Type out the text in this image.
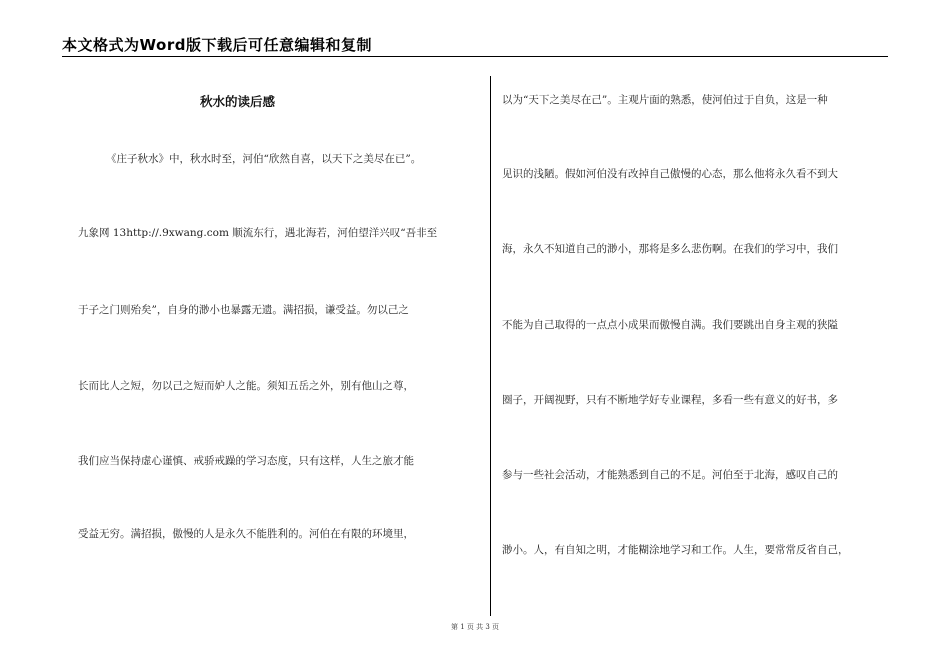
本文格式为Word版下载后可任意编辑和复制
秋水的读后感
《庄子秋水》中，秋水时至，河伯“欣然自喜，以天下之美尽在已”。
九象网 13http://.9xwang.com 顺流东行，遇北海若，河伯望洋兴叹“吾非至
于子之门则殆矣”，自身的渺小也暴露无遗。满招损，谦受益。勿以己之
长而比人之短，勿以己之短而妒人之能。须知五岳之外，别有他山之尊，
我们应当保持虚心谨慎、戒骄戒躁的学习态度，只有这样，人生之旅才能
受益无穷。满招损，傲慢的人是永久不能胜利的。河伯在有限的环境里，
以为“天下之美尽在己”。主观片面的熟悉，使河伯过于自负，这是一种
见识的浅陋。假如河伯没有改掉自己傲慢的心态，那么他将永久看不到大
海，永久不知道自己的渺小，那将是多么悲伤啊。在我们的学习中，我们
不能为自己取得的一点点小成果而傲慢自满。我们要跳出自身主观的狭隘
圈子，开阔视野，只有不断地学好专业课程，多看一些有意义的好书，多
参与一些社会活动，才能熟悉到自己的不足。河伯至于北海，感叹自己的
渺小。人，有自知之明，才能糊涂地学习和工作。人生，要常常反省自己，
第 1 页 共 3 页
